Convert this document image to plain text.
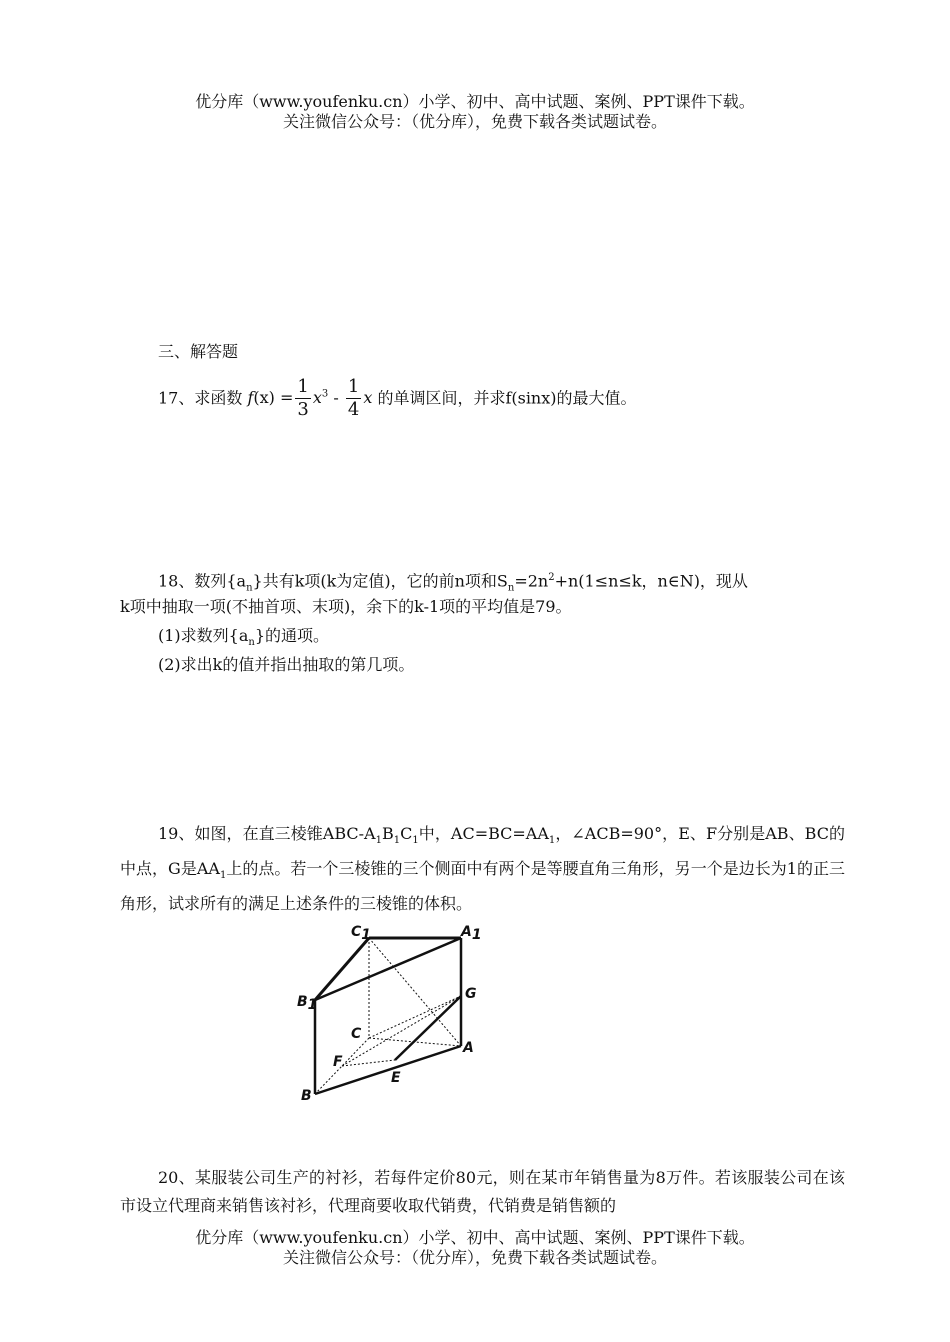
优分库（www.youfenku.cn）小学、初中、高中试题、案例、PPT课件下载。
关注微信公众号：（优分库），免费下载各类试题试卷。
三、解答题
17、求函数 $f(x) = \frac{1}{3} x^3 - \frac{1}{4}$ x 的单调区间，并求f(sinx)的最大值。
18、数列$\{a_n\}$共有k项(k为定值)，它的前n项和$S_n=2n^2+n(1\le n\le k$，n∈N)，现从
k项中抽取一项(不抽首项、末项)，余下的k-1项的平均值是79。
(1)求数列$\{a_n\}$的通项。
(2)求出k的值并指出抽取的第几项。
19、如图，在直三棱锥ABC-$A_1B_1C_1$中，$AC=BC=AA_1$，∠ACB=90°，E、F分别是AB、BC的中点，G是$AA_1$上的点。若一个三棱锥的三个侧面中有两个是等腰直角三角形，另一个是边长为1的正三角形，试求所有的满足上述条件的三棱锥的体积。
C1	A1
B1
G
C
A
F
E
B
20、某服装公司生产的衬衫，若每件定价80元，则在某市年销售量为8万件。若该服装公司在该市设立代理商来销售该衬衫，代理商要收取代销费，代销费是销售额的
优分库（www.youfenku.cn）小学、初中、高中试题、案例、PPT课件下载。
关注微信公众号：（优分库），免费下载各类试题试卷。
